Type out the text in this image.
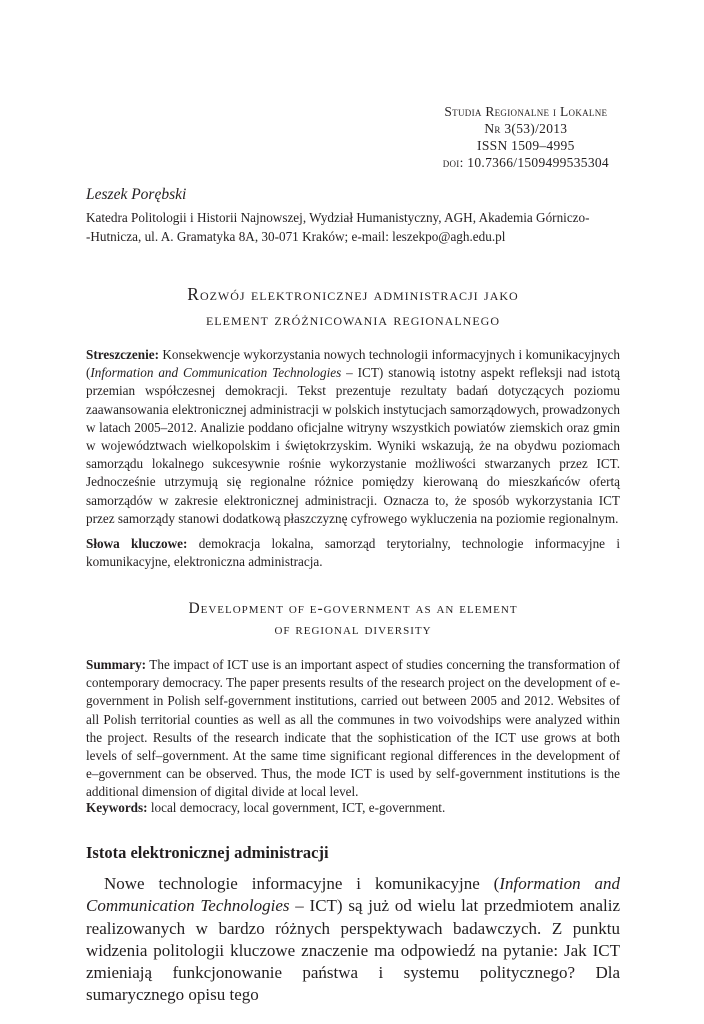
Studia Regionalne i Lokalne
Nr 3(53)/2013
ISSN 1509–4995
doi: 10.7366/1509499535304
Leszek Porębski
Katedra Politologii i Historii Najnowszej, Wydział Humanistyczny, AGH, Akademia Górniczo-
-Hutnicza, ul. A. Gramatyka 8A, 30-071 Kraków; e-mail: leszekpo@agh.edu.pl
Rozwój elektronicznej administracji jako
element zróżnicowania regionalnego
Streszczenie: Konsekwencje wykorzystania nowych technologii informacyjnych i komunikacyjnych (Information and Communication Technologies – ICT) stanowią istotny aspekt refleksji nad istotą przemian współczesnej demokracji. Tekst prezentuje rezultaty badań dotyczących poziomu zaawansowania elektronicznej administracji w polskich instytucjach samorządowych, prowadzonych w latach 2005–2012. Analizie poddano oficjalne witryny wszystkich powiatów ziemskich oraz gmin w województwach wielkopolskim i świętokrzyskim. Wyniki wskazują, że na obydwu poziomach samorządu lokalnego sukcesywnie rośnie wykorzystanie możliwości stwarzanych przez ICT. Jednocześnie utrzymują się regionalne różnice pomiędzy kierowaną do mieszkańców ofertą samorządów w zakresie elektronicznej administracji. Oznacza to, że sposób wykorzystania ICT przez samorządy stanowi dodatkową płaszczyznę cyfrowego wykluczenia na poziomie regionalnym.
Słowa kluczowe: demokracja lokalna, samorząd terytorialny, technologie informacyjne i komunikacyjne, elektroniczna administracja.
Development of e-government as an element
of regional diversity
Summary: The impact of ICT use is an important aspect of studies concerning the transformation of contemporary democracy. The paper presents results of the research project on the development of e-government in Polish self-government institutions, carried out between 2005 and 2012. Websites of all Polish territorial counties as well as all the communes in two voivodships were analyzed within the project. Results of the research indicate that the sophistication of the ICT use grows at both levels of self–government. At the same time significant regional differences in the development of e–government can be observed. Thus, the mode ICT is used by self-government institutions is the additional dimension of digital divide at local level.
Keywords: local democracy, local government, ICT, e-government.
Istota elektronicznej administracji
Nowe technologie informacyjne i komunikacyjne (Information and Communication Technologies – ICT) są już od wielu lat przedmiotem analiz realizowanych w bardzo różnych perspektywach badawczych. Z punktu widzenia politologii kluczowe znaczenie ma odpowiedź na pytanie: Jak ICT zmieniają funkcjonowanie państwa i systemu politycznego? Dla sumarycznego opisu tego
